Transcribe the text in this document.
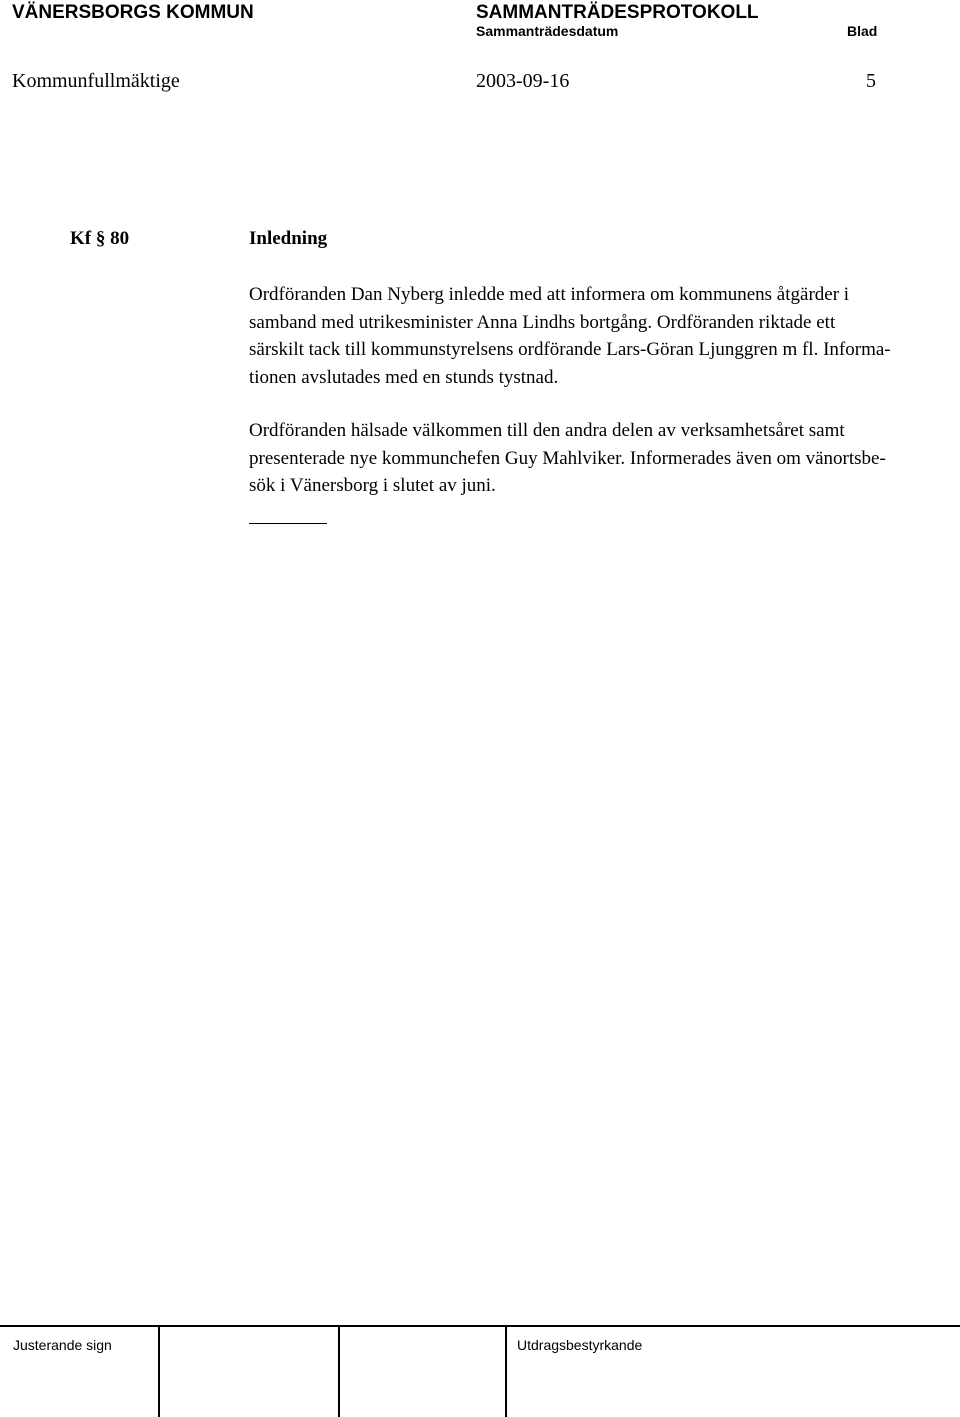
VÄNERSBORGS KOMMUN	SAMMANTRÄDESPROTOKOLL
Sammanträdesdatum	Blad
Kommunfullmäktige	2003-09-16	5
Kf § 80	Inledning

Ordföranden Dan Nyberg inledde med att informera om kommunens åtgärder i
samband med utrikesminister Anna Lindhs bortgång. Ordföranden riktade ett
särskilt tack till kommunstyrelsens ordförande Lars-Göran Ljunggren m fl. Informa-
tionen avslutades med en stunds tystnad.

Ordföranden hälsade välkommen till den andra delen av verksamhetsåret samt
presenterade nye kommunchefen Guy Mahlviker. Informerades även om vänortsbe-
sök i Vänersborg i slutet av juni.

Justerande sign	Utdragsbestyrkande
